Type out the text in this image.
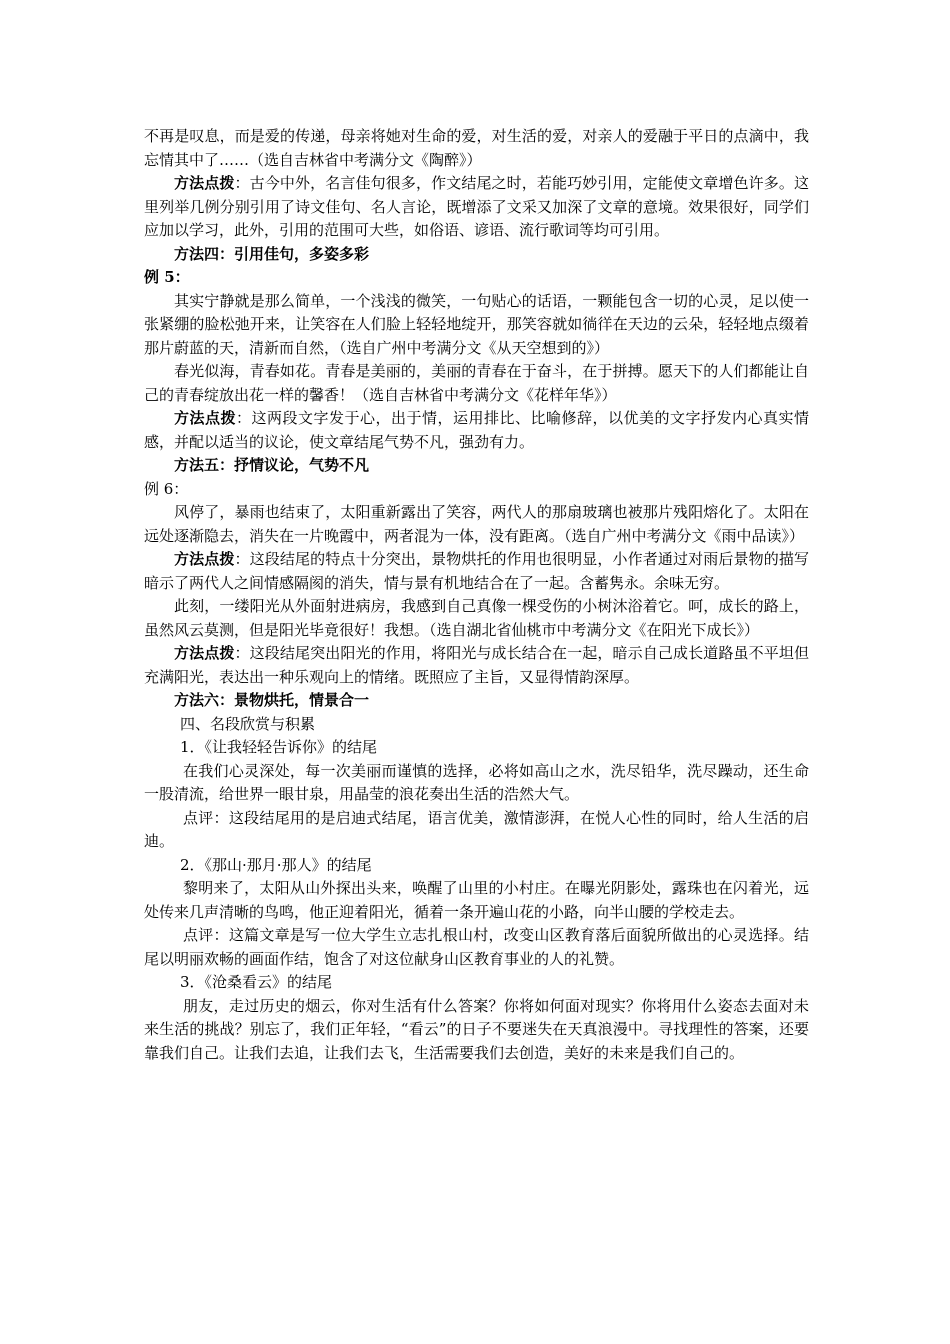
不再是叹息，而是爱的传递，母亲将她对生命的爱，对生活的爱，对亲人的爱融于平日的点滴中，我忘情其中了……（选自吉林省中考满分文《陶醉》）

方法点拨：古今中外，名言佳句很多，作文结尾之时，若能巧妙引用，定能使文章增色许多。这里列举几例分别引用了诗文佳句、名人言论，既增添了文采又加深了文章的意境。效果很好，同学们应加以学习，此外，引用的范围可大些，如俗语、谚语、流行歌词等均可引用。

方法四：引用佳句，多姿多彩

例 5：

其实宁静就是那么简单，一个浅浅的微笑，一句贴心的话语，一颗能包含一切的心灵，足以使一张紧绷的脸松弛开来，让笑容在人们脸上轻轻地绽开，那笑容就如徜徉在天边的云朵，轻轻地点缀着那片蔚蓝的天，清新而自然，（选自广州中考满分文《从天空想到的》）

春光似海，青春如花。青春是美丽的，美丽的青春在于奋斗，在于拼搏。愿天下的人们都能让自己的青春绽放出花一样的馨香！（选自吉林省中考满分文《花样年华》）

方法点拨：这两段文字发于心，出于情，运用排比、比喻修辞，以优美的文字抒发内心真实情感，并配以适当的议论，使文章结尾气势不凡，强劲有力。

方法五：抒情议论，气势不凡

例 6：

风停了，暴雨也结束了，太阳重新露出了笑容，两代人的那扇玻璃也被那片残阳熔化了。太阳在远处逐渐隐去，消失在一片晚霞中，两者混为一体，没有距离。（选自广州中考满分文《雨中品读》）

方法点拨：这段结尾的特点十分突出，景物烘托的作用也很明显，小作者通过对雨后景物的描写暗示了两代人之间情感隔阂的消失，情与景有机地结合在了一起。含蓄隽永。余味无穷。

此刻，一缕阳光从外面射进病房，我感到自己真像一棵受伤的小树沐浴着它。呵，成长的路上，虽然风云莫测，但是阳光毕竟很好！我想。（选自湖北省仙桃市中考满分文《在阳光下成长》）

方法点拨：这段结尾突出阳光的作用，将阳光与成长结合在一起，暗示自己成长道路虽不平坦但充满阳光，表达出一种乐观向上的情绪。既照应了主旨，又显得情韵深厚。

方法六：景物烘托，情景合一

四、名段欣赏与积累

1．《让我轻轻告诉你》的结尾

在我们心灵深处，每一次美丽而谨慎的选择，必将如高山之水，洗尽铅华，洗尽躁动，还生命一股清流，给世界一眼甘泉，用晶莹的浪花奏出生活的浩然大气。

点评：这段结尾用的是启迪式结尾，语言优美，激情澎湃，在悦人心性的同时，给人生活的启迪。

2．《那山·那月·那人》的结尾

黎明来了，太阳从山外探出头来，唤醒了山里的小村庄。在曝光阴影处，露珠也在闪着光，远处传来几声清晰的鸟鸣，他正迎着阳光，循着一条开遍山花的小路，向半山腰的学校走去。

点评：这篇文章是写一位大学生立志扎根山村，改变山区教育落后面貌所做出的心灵选择。结尾以明丽欢畅的画面作结，饱含了对这位献身山区教育事业的人的礼赞。

3．《沧桑看云》的结尾

朋友，走过历史的烟云，你对生活有什么答案？你将如何面对现实？你将用什么姿态去面对未来生活的挑战？别忘了，我们正年轻，“看云”的日子不要迷失在天真浪漫中。寻找理性的答案，还要靠我们自己。让我们去追，让我们去飞，生活需要我们去创造，美好的未来是我们自己的。
